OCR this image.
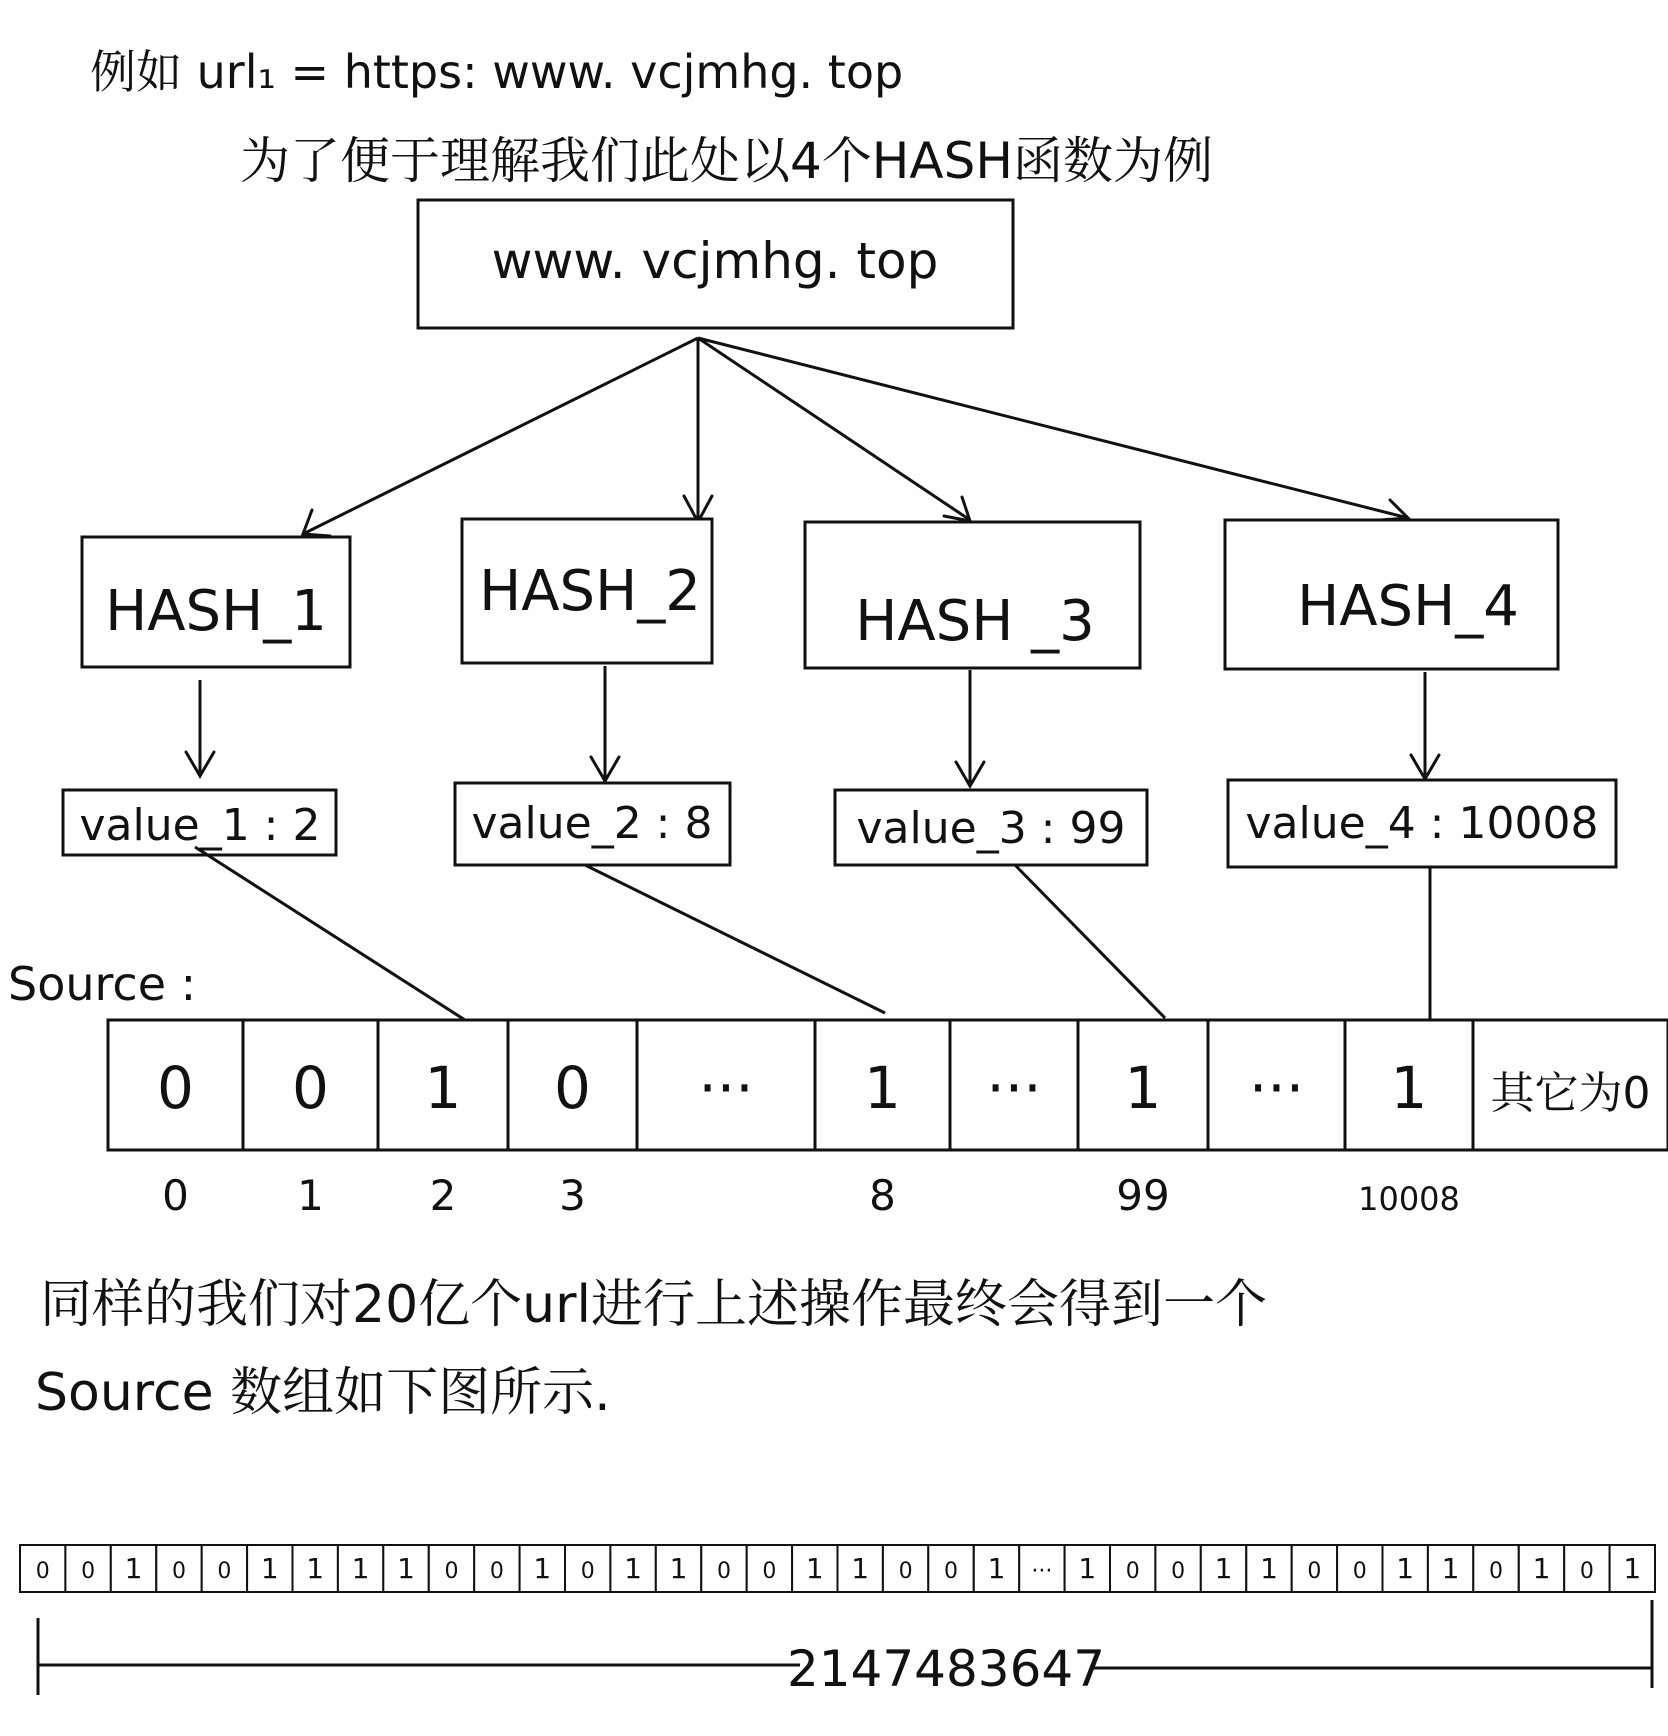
例如 url₁ = https: www. vcjmhg. top
为了便于理解我们此处以4个HASH函数为例
www. vcjmhg. top
HASH_1	HASH_2	HASH _3	HASH_4
value_1 : 2	value_2 : 8	value_3 : 99	value_4 : 10008
Source :
0 0 1 0 ··· 1 ··· 1 ··· 1 其它为0
0	1	2 3	8	99	10008
同样的我们对20亿个url进行上述操作最终会得到一个
Source 数组如下图所示.
0 0 1 0 0 1 1 1 1 0 0 1 0 1 1 0 0 1 1 0 0 1 ··· 1 0 0 1 1 0 0 1 1 0 1 0 1
2147483647
